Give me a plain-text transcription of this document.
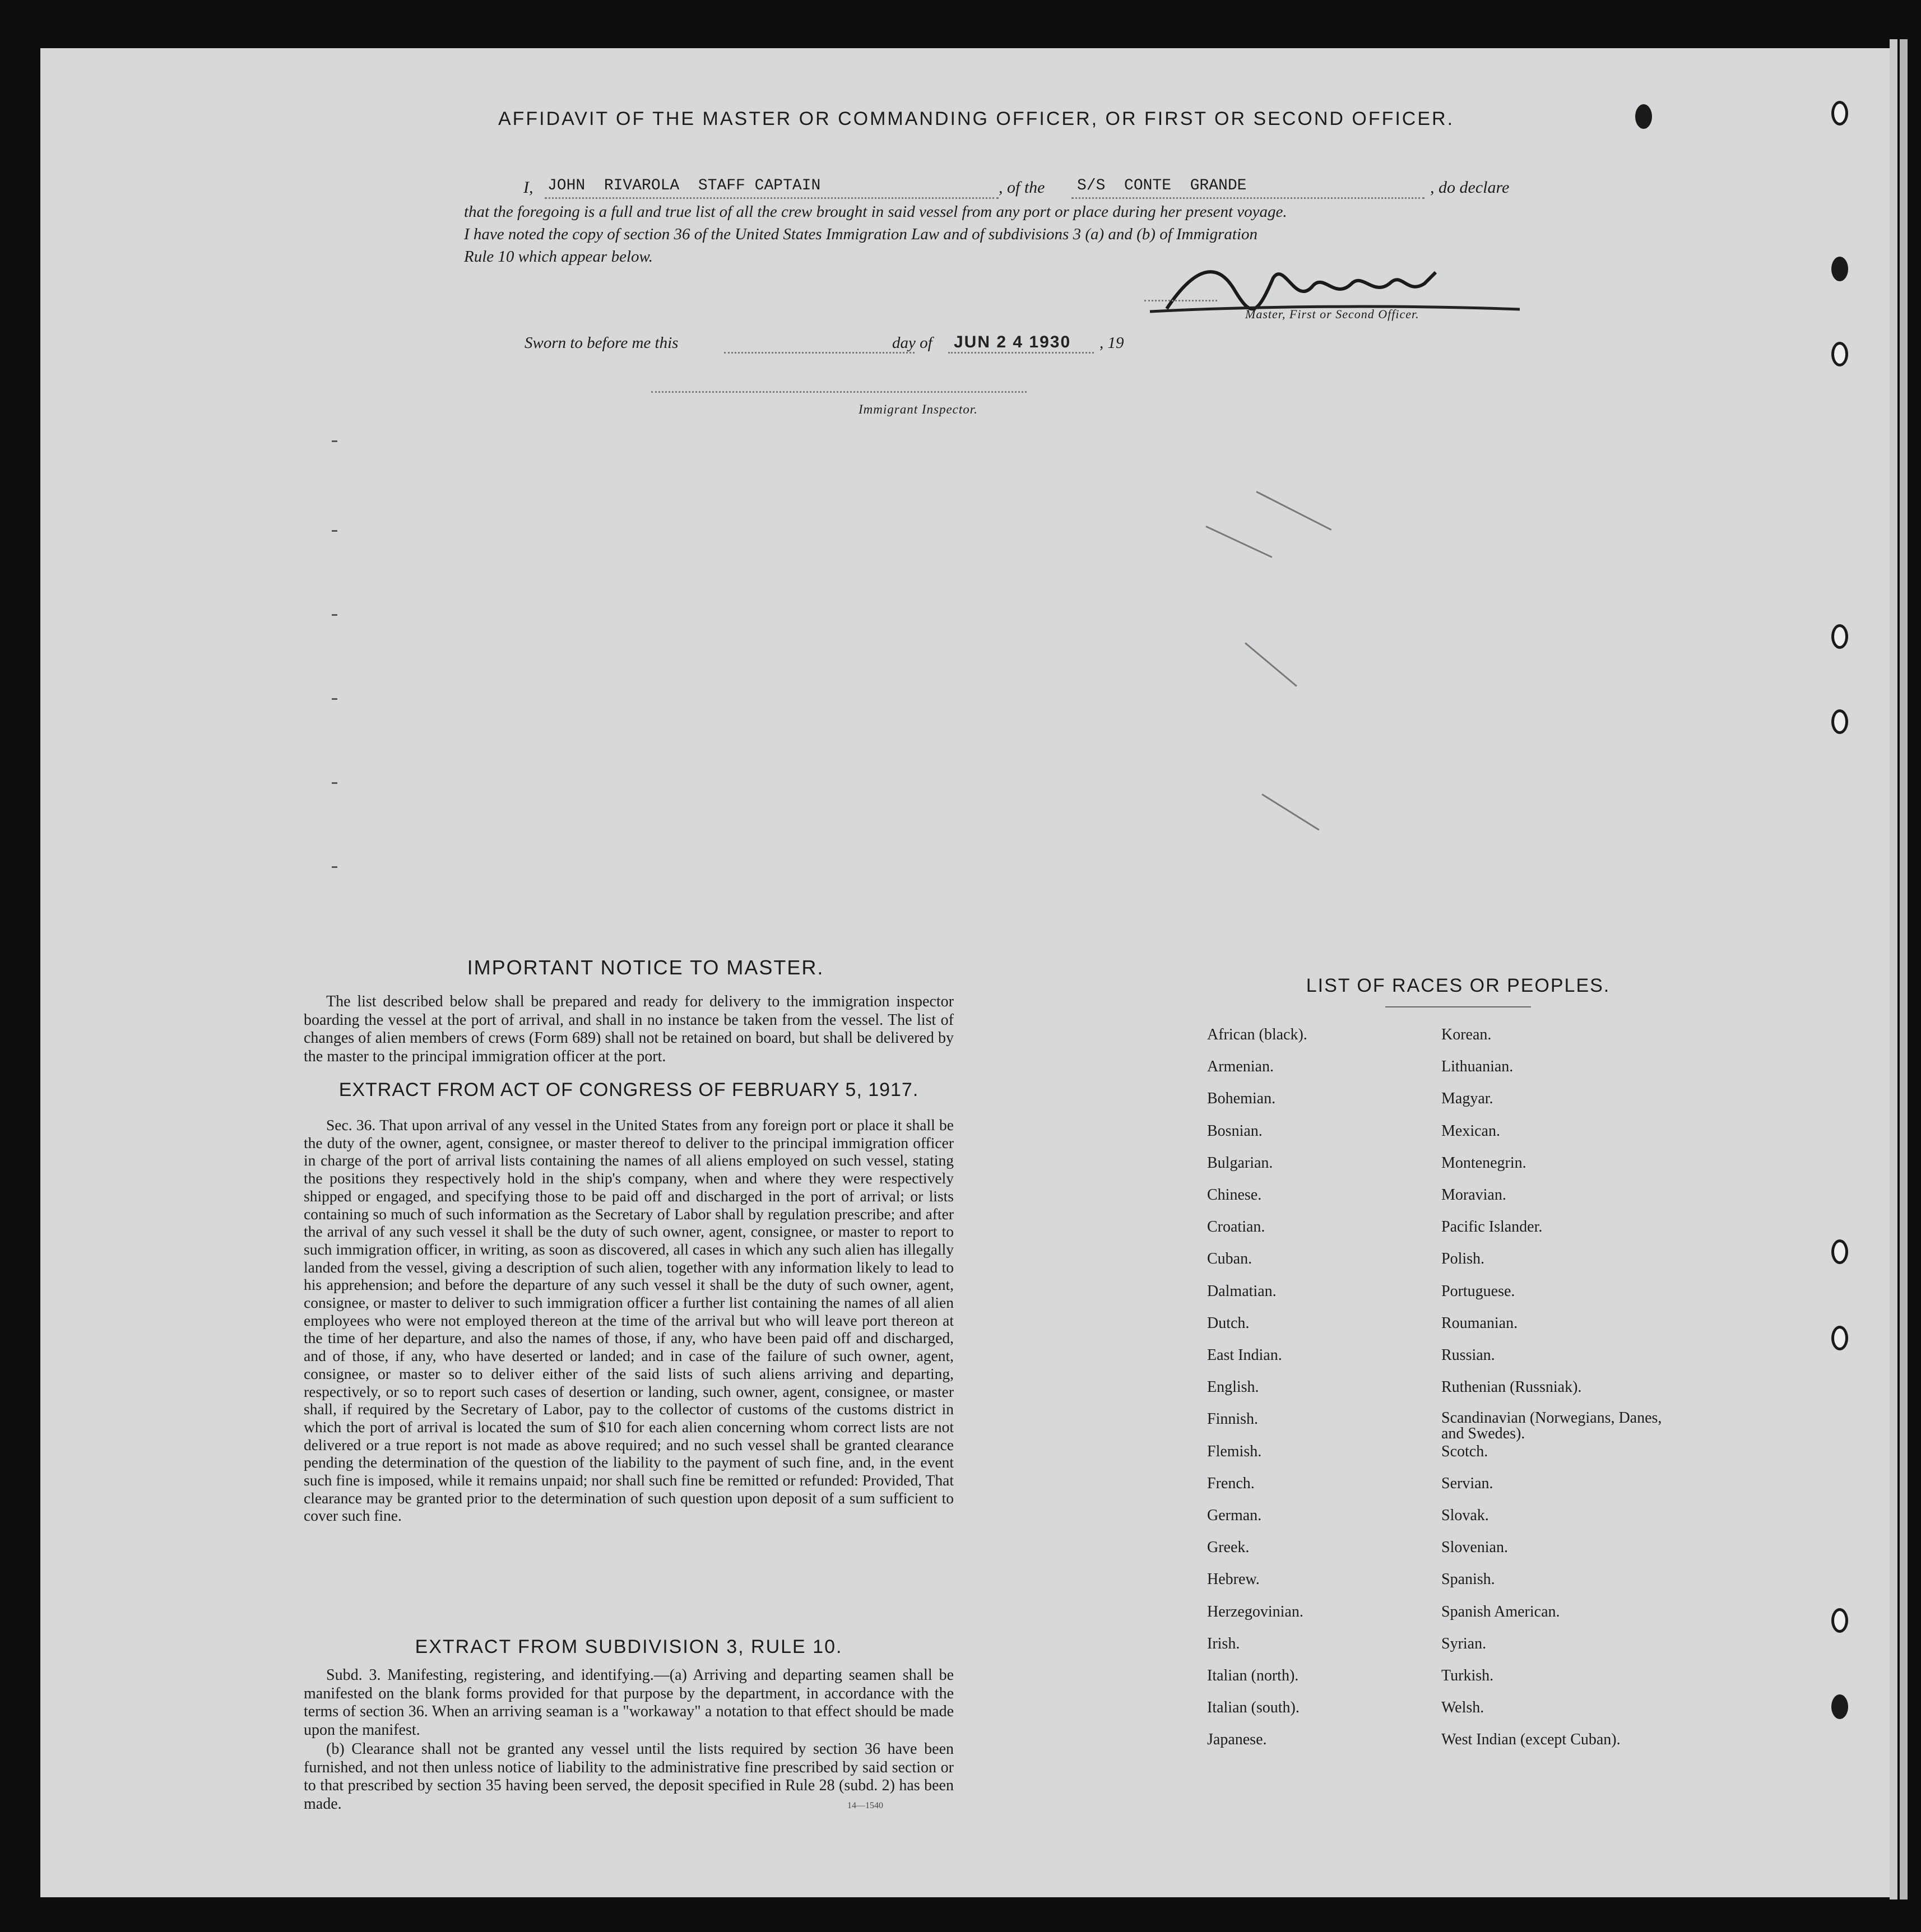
AFFIDAVIT OF THE MASTER OR COMMANDING OFFICER, OR FIRST OR SECOND OFFICER.
I, JOHN  RIVAROLA  STAFF CAPTAIN	, of the S/S  CONTE  GRANDE	, do declare
that the foregoing is a full and true list of all the crew brought in said vessel from any port or place during her present voyage.
I have noted the copy of section 36 of the United States Immigration Law and of subdivisions 3 (a) and (b) of Immigration
Rule 10 which appear below.
ARivarol
Master, First or Second Officer.
Sworn to before me this	day of JUN 2 4 1930 , 19
Immigrant Inspector.
IMPORTANT NOTICE TO MASTER.
The list described below shall be prepared and ready for delivery to the immigration inspector boarding the vessel at the port of arrival, and shall in no instance be taken from the vessel. The list of changes of alien members of crews (Form 689) shall not be retained on board, but shall be delivered by the master to the principal immigration officer at the port.
EXTRACT FROM ACT OF CONGRESS OF FEBRUARY 5, 1917.
Sec. 36. That upon arrival of any vessel in the United States from any foreign port or place it shall be the duty of the owner, agent, consignee, or master thereof to deliver to the principal immigration officer in charge of the port of arrival lists containing the names of all aliens employed on such vessel, stating the positions they respectively hold in the ship's company, when and where they were respectively shipped or engaged, and specifying those to be paid off and discharged in the port of arrival; or lists containing so much of such information as the Secretary of Labor shall by regulation prescribe; and after the arrival of any such vessel it shall be the duty of such owner, agent, consignee, or master to report to such immigration officer, in writing, as soon as discovered, all cases in which any such alien has illegally landed from the vessel, giving a description of such alien, together with any information likely to lead to his apprehension; and before the departure of any such vessel it shall be the duty of such owner, agent, consignee, or master to deliver to such immigration officer a further list containing the names of all alien employees who were not employed thereon at the time of the arrival but who will leave port thereon at the time of her departure, and also the names of those, if any, who have been paid off and discharged, and of those, if any, who have deserted or landed; and in case of the failure of such owner, agent, consignee, or master so to deliver either of the said lists of such aliens arriving and departing, respectively, or so to report such cases of desertion or landing, such owner, agent, consignee, or master shall, if required by the Secretary of Labor, pay to the collector of customs of the customs district in which the port of arrival is located the sum of $10 for each alien concerning whom correct lists are not delivered or a true report is not made as above required; and no such vessel shall be granted clearance pending the determination of the question of the liability to the payment of such fine, and, in the event such fine is imposed, while it remains unpaid; nor shall such fine be remitted or refunded: Provided, That clearance may be granted prior to the determination of such question upon deposit of a sum sufficient to cover such fine.
EXTRACT FROM SUBDIVISION 3, RULE 10.
Subd. 3. Manifesting, registering, and identifying.—(a) Arriving and departing seamen shall be manifested on the blank forms provided for that purpose by the department, in accordance with the terms of section 36. When an arriving seaman is a "workaway" a notation to that effect should be made upon the manifest.
(b) Clearance shall not be granted any vessel until the lists required by section 36 have been furnished, and not then unless notice of liability to the administrative fine prescribed by said section or to that prescribed by section 35 having been served, the deposit specified in Rule 28 (subd. 2) has been made.	14—1540
LIST OF RACES OR PEOPLES.
African (black).
Armenian.
Bohemian.
Bosnian.
Bulgarian.
Chinese.
Croatian.
Cuban.
Dalmatian.
Dutch.
East Indian.
English.
Finnish.
Flemish.
French.
German.
Greek.
Hebrew.
Herzegovinian.
Irish.
Italian (north).
Italian (south).
Japanese.
Korean.
Lithuanian.
Magyar.
Mexican.
Montenegrin.
Moravian.
Pacific Islander.
Polish.
Portuguese.
Roumanian.
Russian.
Ruthenian (Russniak).
Scandinavian (Norwegians, Danes, and Swedes).
Scotch.
Servian.
Slovak.
Slovenian.
Spanish.
Spanish American.
Syrian.
Turkish.
Welsh.
West Indian (except Cuban).
